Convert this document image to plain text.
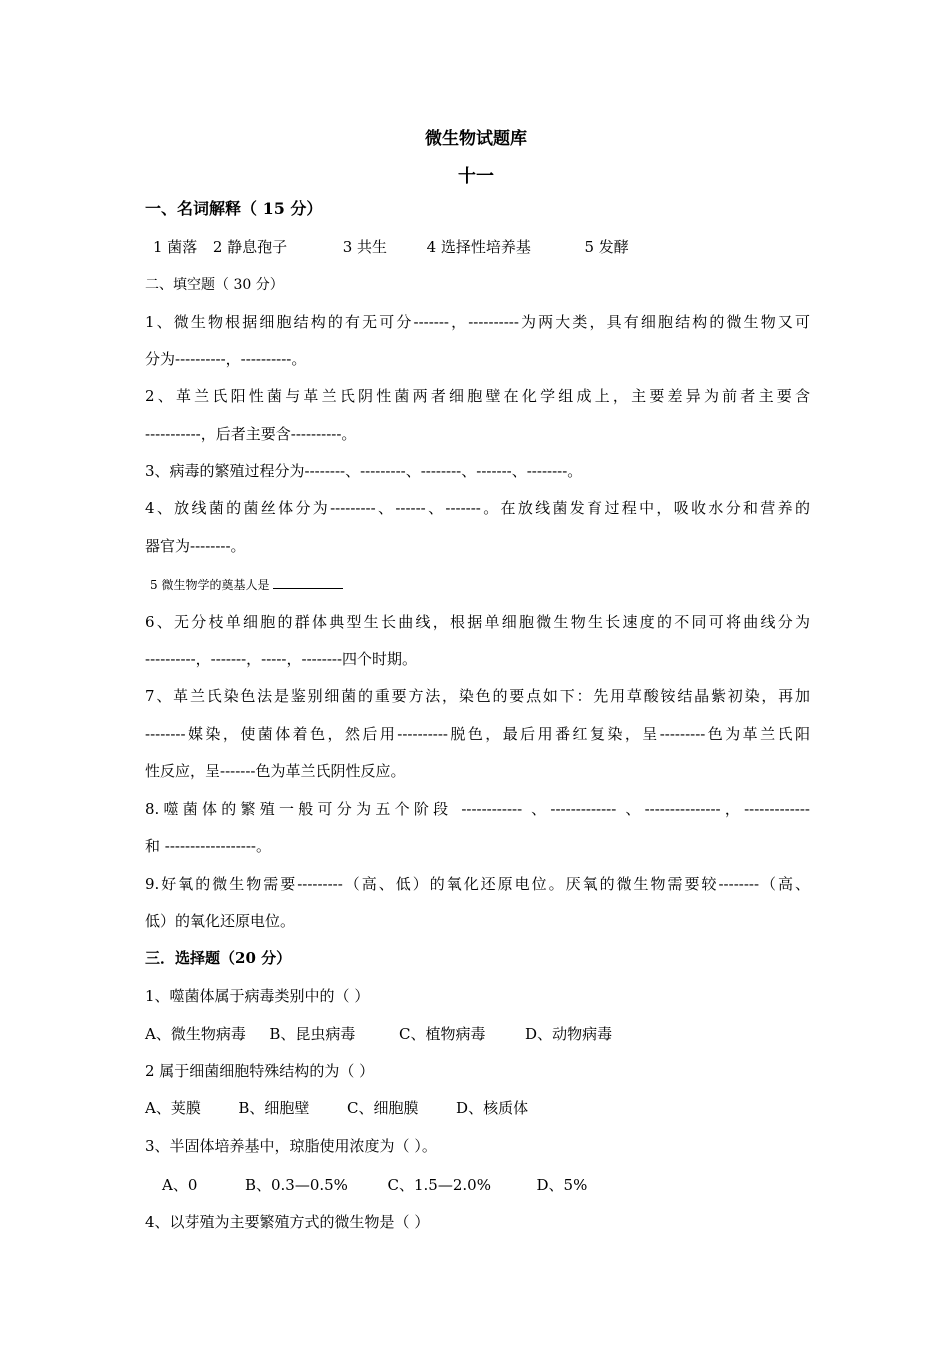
微生物试题库
十一
一、名词解释（ 15 分）
1 菌落 2 静息孢子	3 共生	4 选择性培养基	5 发酵
二、填空题（ 30 分）
1、微生物根据细胞结构的有无可分-------，----------为两大类，具有细胞结构的微生物又可
分为----------，----------。
2、革兰氏阳性菌与革兰氏阴性菌两者细胞壁在化学组成上，主要差异为前者主要含
-----------，后者主要含----------。
3、病毒的繁殖过程分为--------、---------、--------、-------、--------。
4、放线菌的菌丝体分为---------、------、-------。在放线菌发育过程中，吸收水分和营养的
器官为--------。
5 微生物学的奠基人是
6、无分枝单细胞的群体典型生长曲线，根据单细胞微生物生长速度的不同可将曲线分为
----------，-------，-----，--------四个时期。
7、革兰氏染色法是鉴别细菌的重要方法，染色的要点如下：先用草酸铵结晶紫初染，再加
--------媒染，使菌体着色，然后用----------脱色，最后用番红复染，呈---------色为革兰氏阳
性反应，呈-------色为革兰氏阴性反应。
8.噬菌体的繁殖一般可分为五个阶段 ------------ 、------------- 、---------------，-------------
和 ------------------。
9.好氧的微生物需要---------（高、低）的氧化还原电位。厌氧的微生物需要较--------（高、
低）的氧化还原电位。
三．选择题（20 分）
1、噬菌体属于病毒类别中的（ ）
A、微生物病毒 B、昆虫病毒	C、植物病毒	D、动物病毒
2 属于细菌细胞特殊结构的为（ ）
A、荚膜	B、细胞壁	C、细胞膜	D、核质体
3、半固体培养基中，琼脂使用浓度为（ ）。
A、0	B、0.3—0.5%	C、1.5—2.0%	D、5%
4、以芽殖为主要繁殖方式的微生物是（ ）
